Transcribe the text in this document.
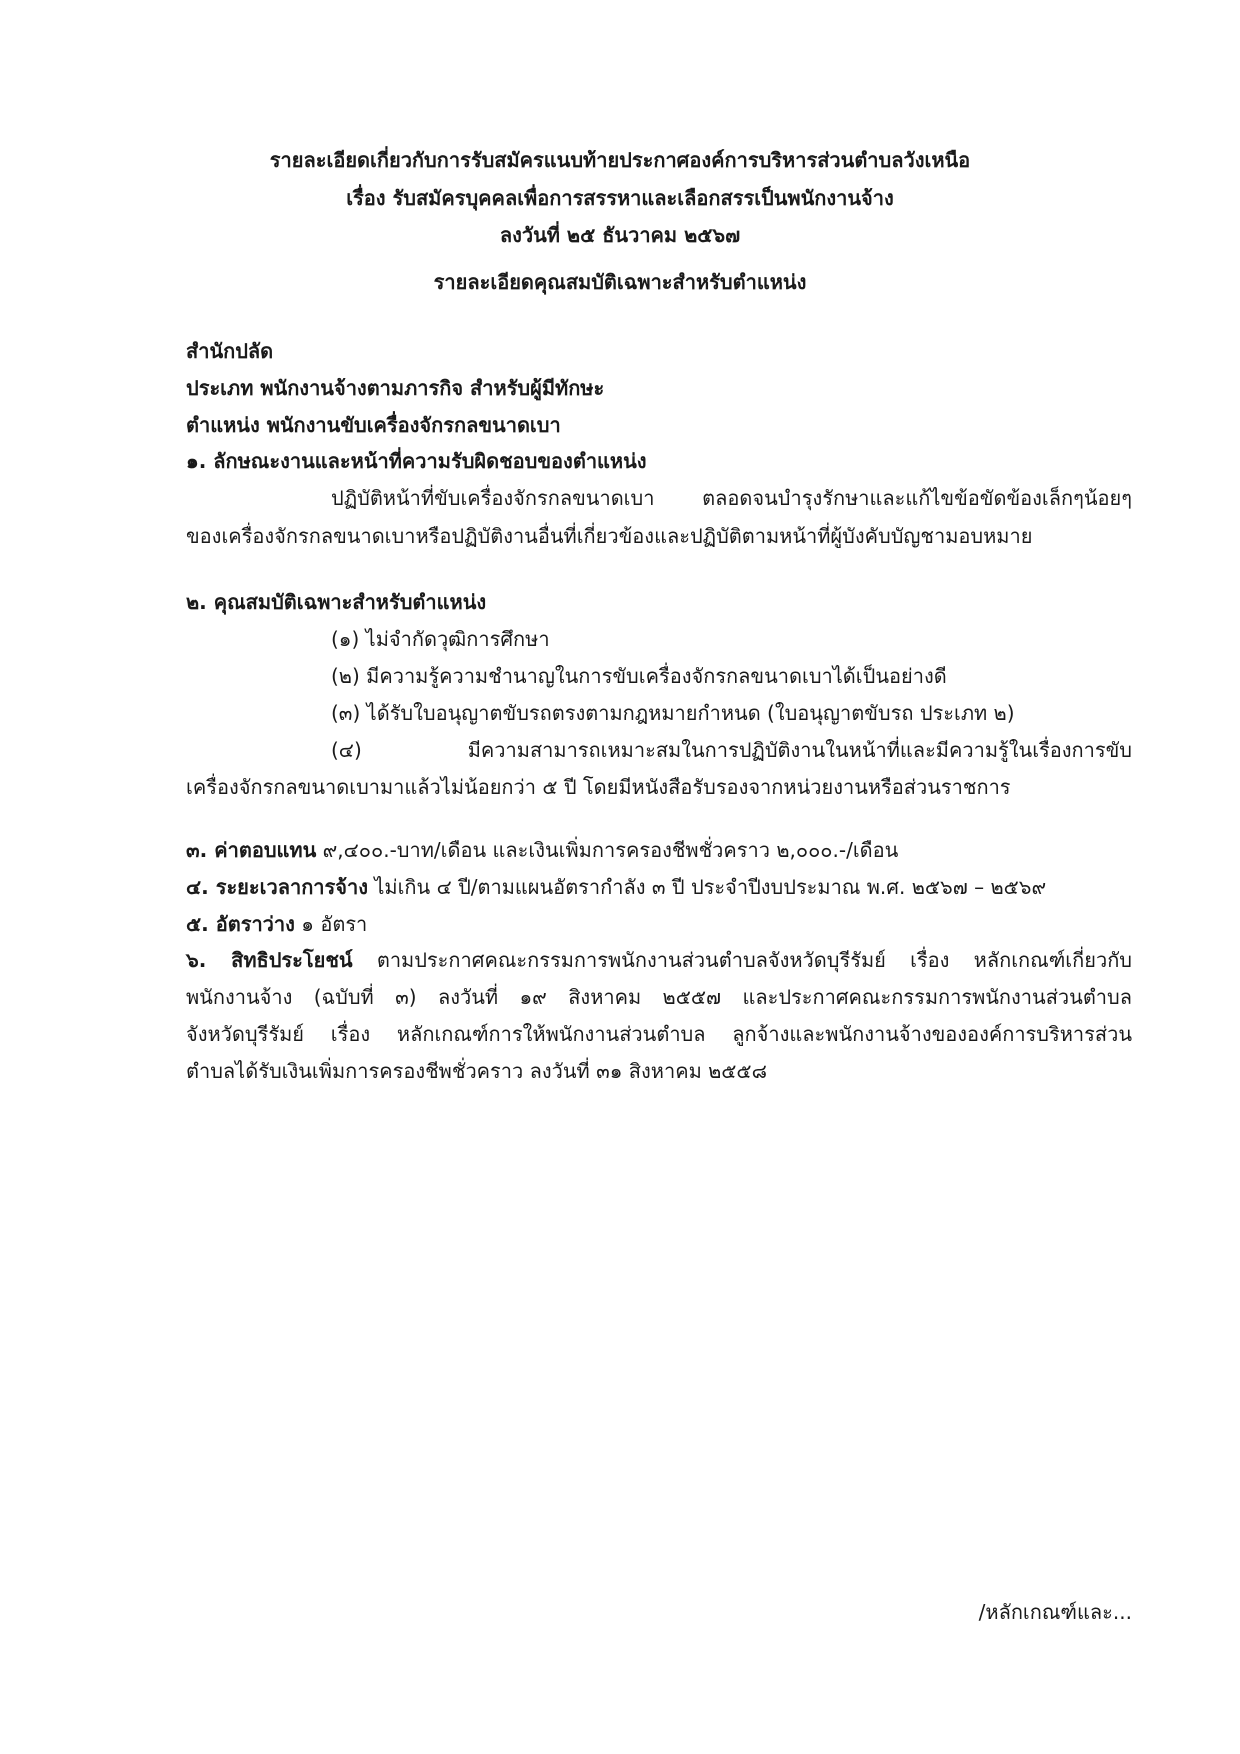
รายละเอียดเกี่ยวกับการรับสมัครแนบท้ายประกาศองค์การบริหารส่วนตำบลวังเหนือ

เรื่อง รับสมัครบุคคลเพื่อการสรรหาและเลือกสรรเป็นพนักงานจ้าง

ลงวันที่ ๒๕ ธันวาคม ๒๕๖๗

รายละเอียดคุณสมบัติเฉพาะสำหรับตำแหน่ง

สำนักปลัด

ประเภท พนักงานจ้างตามภารกิจ สำหรับผู้มีทักษะ

ตำแหน่ง พนักงานขับเครื่องจักรกลขนาดเบา

๑. ลักษณะงานและหน้าที่ความรับผิดชอบของตำแหน่ง

ปฏิบัติหน้าที่ขับเครื่องจักรกลขนาดเบา ตลอดจนบำรุงรักษาและแก้ไขข้อขัดข้องเล็กๆน้อยๆ

ของเครื่องจักรกลขนาดเบาหรือปฏิบัติงานอื่นที่เกี่ยวข้องและปฏิบัติตามหน้าที่ผู้บังคับบัญชามอบหมาย

๒. คุณสมบัติเฉพาะสำหรับตำแหน่ง

(๑) ไม่จำกัดวุฒิการศึกษา

(๒) มีความรู้ความชำนาญในการขับเครื่องจักรกลขนาดเบาได้เป็นอย่างดี

(๓) ได้รับใบอนุญาตขับรถตรงตามกฎหมายกำหนด (ใบอนุญาตขับรถ ประเภท ๒)

(๔) มีความสามารถเหมาะสมในการปฏิบัติงานในหน้าที่และมีความรู้ในเรื่องการขับ

เครื่องจักรกลขนาดเบามาแล้วไม่น้อยกว่า ๕ ปี โดยมีหนังสือรับรองจากหน่วยงานหรือส่วนราชการ

๓. ค่าตอบแทน ๙,๔๐๐.-บาท/เดือน และเงินเพิ่มการครองชีพชั่วคราว ๒,๐๐๐.-/เดือน

๔. ระยะเวลาการจ้าง ไม่เกิน ๔ ปี/ตามแผนอัตรากำลัง ๓ ปี ประจำปีงบประมาณ พ.ศ. ๒๕๖๗ – ๒๕๖๙

๕. อัตราว่าง ๑ อัตรา

๖. สิทธิประโยชน์ ตามประกาศคณะกรรมการพนักงานส่วนตำบลจังหวัดบุรีรัมย์ เรื่อง หลักเกณฑ์เกี่ยวกับ

พนักงานจ้าง (ฉบับที่ ๓) ลงวันที่ ๑๙ สิงหาคม ๒๕๕๗ และประกาศคณะกรรมการพนักงานส่วนตำบล

จังหวัดบุรีรัมย์ เรื่อง หลักเกณฑ์การให้พนักงานส่วนตำบล ลูกจ้างและพนักงานจ้างขององค์การบริหารส่วน

ตำบลได้รับเงินเพิ่มการครองชีพชั่วคราว ลงวันที่ ๓๑ สิงหาคม ๒๕๕๘

/หลักเกณฑ์และ...
